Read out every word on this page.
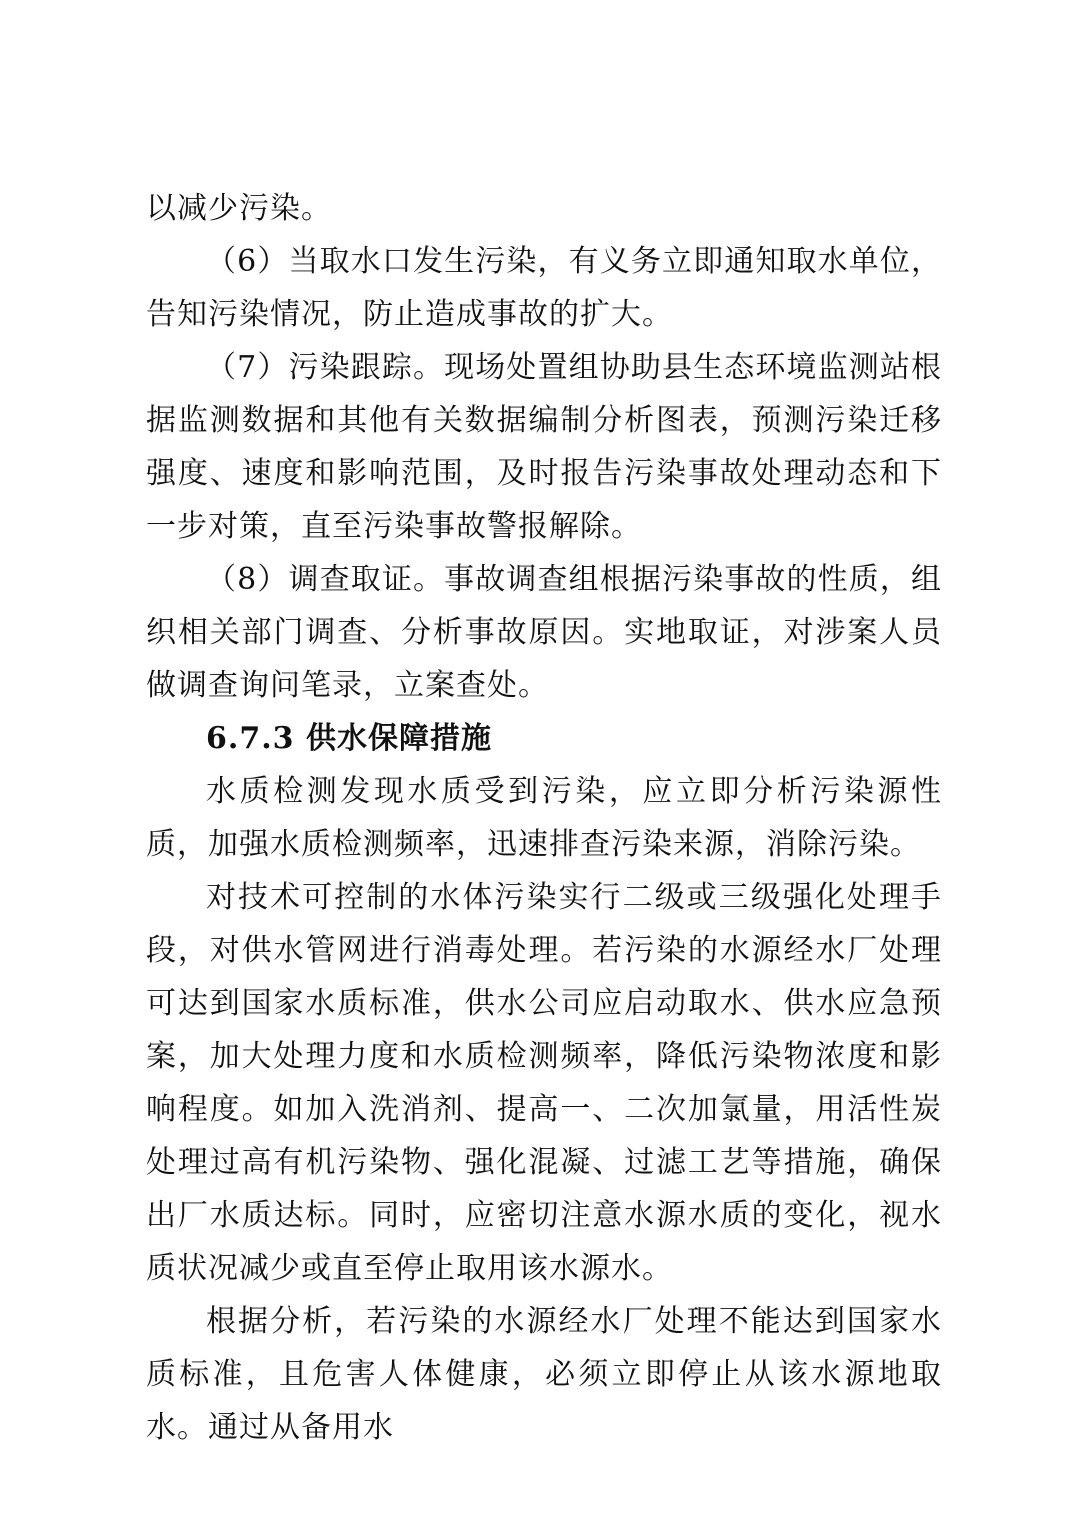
以减少污染。

（6）当取水口发生污染，有义务立即通知取水单位，告知污染情况，防止造成事故的扩大。

（7）污染跟踪。现场处置组协助县生态环境监测站根据监测数据和其他有关数据编制分析图表，预测污染迁移强度、速度和影响范围，及时报告污染事故处理动态和下一步对策，直至污染事故警报解除。

（8）调查取证。事故调查组根据污染事故的性质，组织相关部门调查、分析事故原因。实地取证，对涉案人员做调查询问笔录，立案查处。

6.7.3 供水保障措施

水质检测发现水质受到污染，应立即分析污染源性质，加强水质检测频率，迅速排查污染来源，消除污染。

对技术可控制的水体污染实行二级或三级强化处理手段，对供水管网进行消毒处理。若污染的水源经水厂处理可达到国家水质标准，供水公司应启动取水、供水应急预案，加大处理力度和水质检测频率，降低污染物浓度和影响程度。如加入洗消剂、提高一、二次加氯量，用活性炭处理过高有机污染物、强化混凝、过滤工艺等措施，确保出厂水质达标。同时，应密切注意水源水质的变化，视水质状况减少或直至停止取用该水源水。

根据分析，若污染的水源经水厂处理不能达到国家水质标准，且危害人体健康，必须立即停止从该水源地取水。通过从备用水
